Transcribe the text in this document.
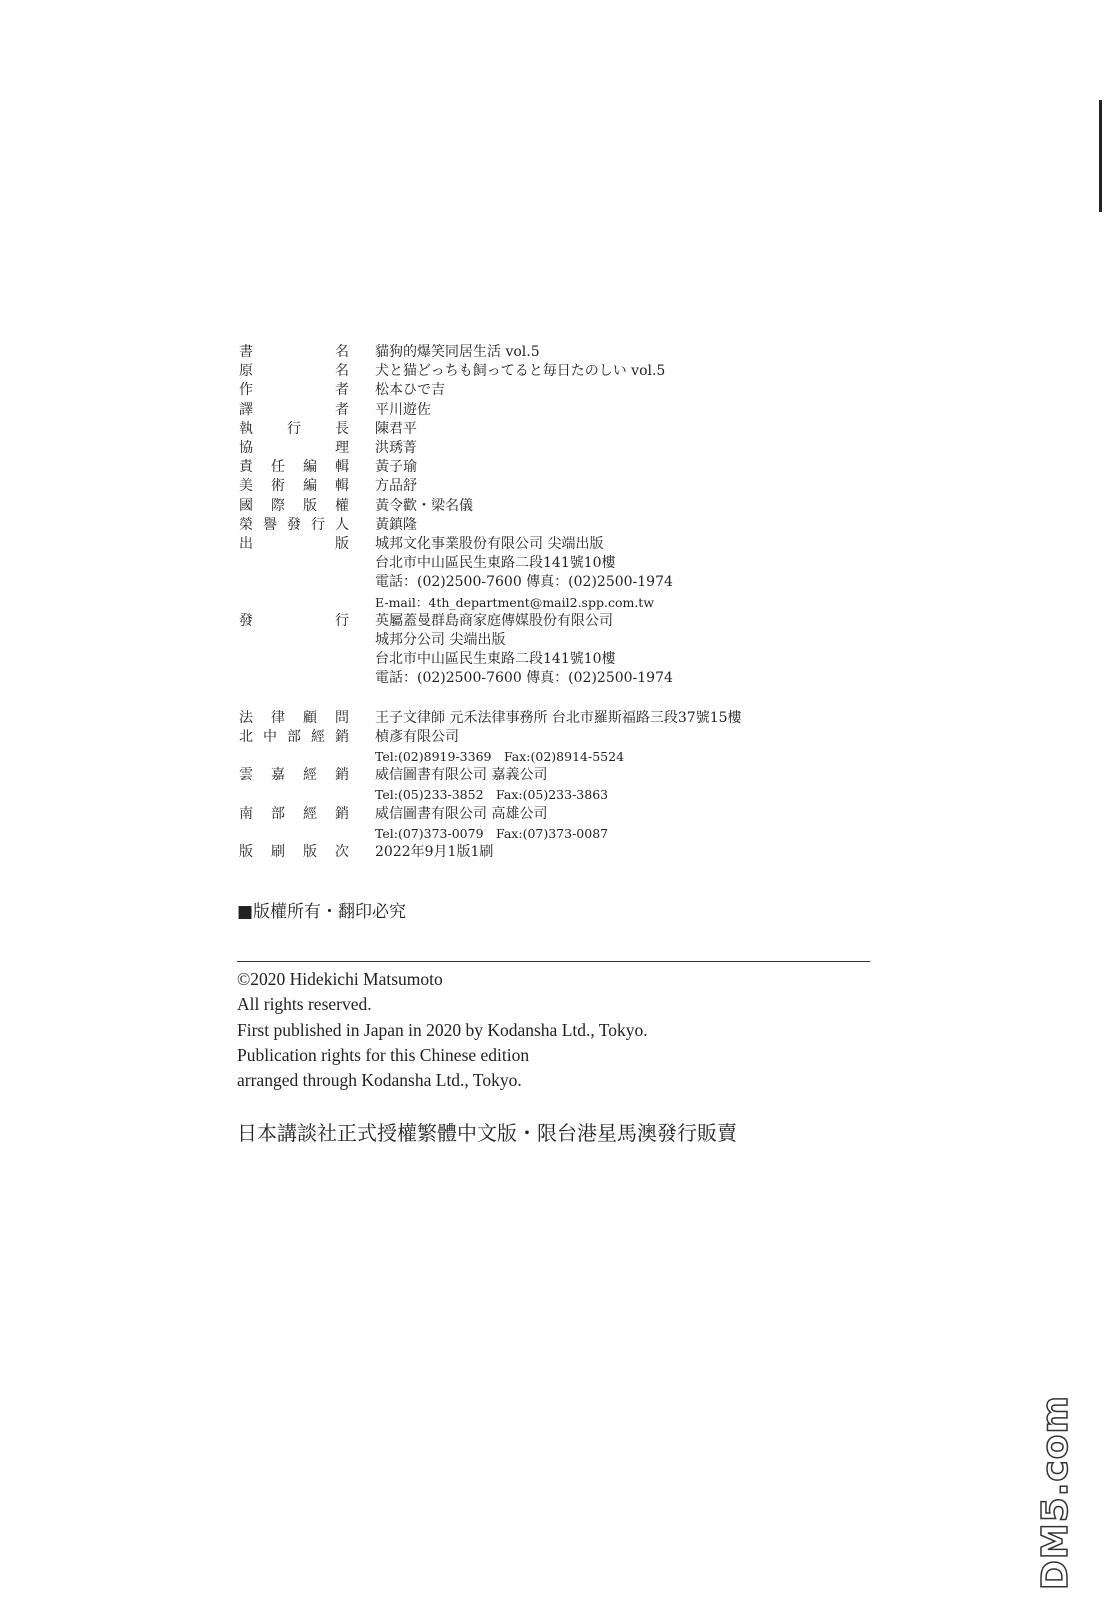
書	名 貓狗的爆笑同居生活 vol.5
原	名 犬と猫どっちも飼ってると毎日たのしい vol.5
作	者 松本ひで吉
譯	者 平川遊佐
執 行 長 陳君平
協	理 洪琇菁
責 任 編 輯 黃子瑜
美 術 編 輯 方品舒
國 際 版 權 黃令歡・梁名儀
榮 譽 發 行 人 黃鎮隆
出	版 城邦文化事業股份有限公司 尖端出版
台北市中山區民生東路二段141號10樓
電話：(02)2500-7600 傳真：(02)2500-1974
E-mail：4th_department@mail2.spp.com.tw
發	行 英屬蓋曼群島商家庭傳媒股份有限公司
城邦分公司 尖端出版
台北市中山區民生東路二段141號10樓
電話：(02)2500-7600 傳真：(02)2500-1974
法 律 顧 問 王子文律師 元禾法律事務所 台北市羅斯福路三段37號15樓
北 中 部 經 銷 楨彥有限公司
Tel:(02)8919-3369　Fax:(02)8914-5524
雲 嘉 經 銷 威信圖書有限公司 嘉義公司
Tel:(05)233-3852　Fax:(05)233-3863
南 部 經 銷 威信圖書有限公司 高雄公司
Tel:(07)373-0079　Fax:(07)373-0087
版 刷 版 次 2022年9月1版1刷
■版權所有・翻印必究
©2020 Hidekichi Matsumoto
All rights reserved.
First published in Japan in 2020 by Kodansha Ltd., Tokyo.
Publication rights for this Chinese edition
arranged through Kodansha Ltd., Tokyo.
日本講談社正式授權繁體中文版・限台港星馬澳發行販賣
DM5.com
